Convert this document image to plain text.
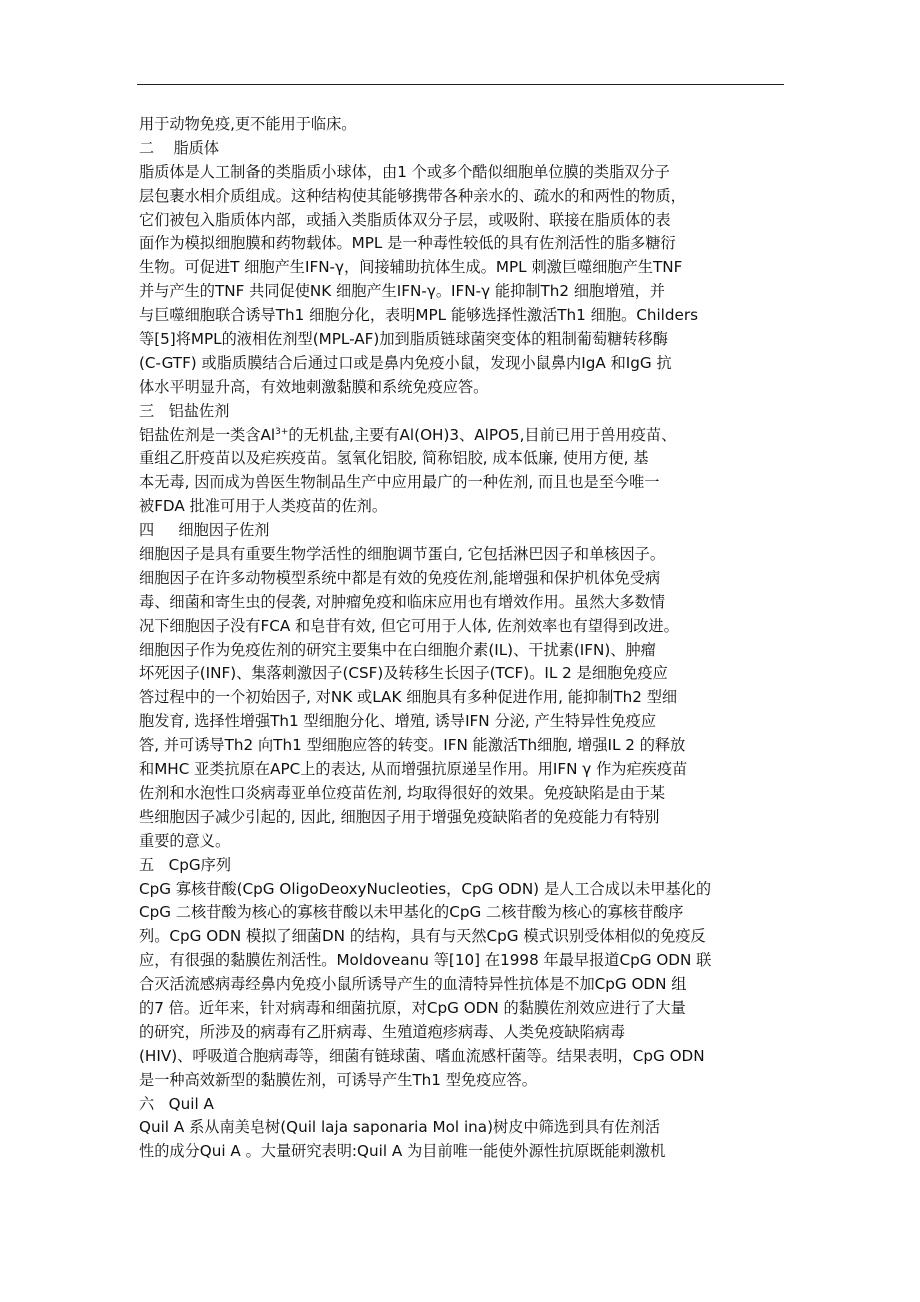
用于动物免疫,更不能用于临床。
二    脂质体
脂质体是人工制备的类脂质小球体，由1 个或多个酷似细胞单位膜的类脂双分子
层包裹水相介质组成。这种结构使其能够携带各种亲水的、疏水的和两性的物质，
它们被包入脂质体内部，或插入类脂质体双分子层，或吸附、联接在脂质体的表
面作为模拟细胞膜和药物载体。MPL 是一种毒性较低的具有佐剂活性的脂多糖衍
生物。可促进T 细胞产生IFN-γ，间接辅助抗体生成。MPL 刺激巨噬细胞产生TNF
并与产生的TNF 共同促使NK 细胞产生IFN-γ。IFN-γ 能抑制Th2 细胞增殖，并
与巨噬细胞联合诱导Th1 细胞分化，表明MPL 能够选择性激活Th1 细胞。Childers
等[5]将MPL的液相佐剂型(MPL-AF)加到脂质链球菌突变体的粗制葡萄糖转移酶
(C-GTF) 或脂质膜结合后通过口或是鼻内免疫小鼠，发现小鼠鼻内IgA 和IgG 抗
体水平明显升高，有效地刺激黏膜和系统免疫应答。
三   铝盐佐剂
铝盐佐剂是一类含$Al^{3+}$的无机盐,主要有Al(OH)3、AlPO5,目前已用于兽用疫苗、
重组乙肝疫苗以及疟疾疫苗。氢氧化铝胶, 简称铝胶, 成本低廉, 使用方便, 基
本无毒, 因而成为兽医生物制品生产中应用最广的一种佐剂, 而且也是至今唯一
被FDA 批准可用于人类疫苗的佐剂。
四     细胞因子佐剂
细胞因子是具有重要生物学活性的细胞调节蛋白, 它包括淋巴因子和单核因子。
细胞因子在许多动物模型系统中都是有效的免疫佐剂,能增强和保护机体免受病
毒、细菌和寄生虫的侵袭, 对肿瘤免疫和临床应用也有增效作用。虽然大多数情
况下细胞因子没有FCA 和皂苷有效, 但它可用于人体, 佐剂效率也有望得到改进。
细胞因子作为免疫佐剂的研究主要集中在白细胞介素(IL)、干扰素(IFN)、肿瘤
坏死因子(INF)、集落刺激因子(CSF)及转移生长因子(TCF)。IL 2 是细胞免疫应
答过程中的一个初始因子, 对NK 或LAK 细胞具有多种促进作用, 能抑制Th2 型细
胞发育, 选择性增强Th1 型细胞分化、增殖, 诱导IFN 分泌, 产生特异性免疫应
答, 并可诱导Th2 向Th1 型细胞应答的转变。IFN 能激活Th细胞, 增强IL 2 的释放
和MHC 亚类抗原在APC上的表达, 从而增强抗原递呈作用。用IFN γ 作为疟疾疫苗
佐剂和水泡性口炎病毒亚单位疫苗佐剂, 均取得很好的效果。免疫缺陷是由于某
些细胞因子减少引起的, 因此, 细胞因子用于增强免疫缺陷者的免疫能力有特别
重要的意义。
五   CpG序列
CpG 寡核苷酸(CpG OligoDeoxyNucleoties，CpG ODN) 是人工合成以未甲基化的
CpG 二核苷酸为核心的寡核苷酸以未甲基化的CpG 二核苷酸为核心的寡核苷酸序
列。CpG ODN 模拟了细菌DN 的结构，具有与天然CpG 模式识别受体相似的免疫反
应，有很强的黏膜佐剂活性。Moldoveanu 等[10] 在1998 年最早报道CpG ODN 联
合灭活流感病毒经鼻内免疫小鼠所诱导产生的血清特异性抗体是不加CpG ODN 组
的7 倍。近年来，针对病毒和细菌抗原，对CpG ODN 的黏膜佐剂效应进行了大量
的研究，所涉及的病毒有乙肝病毒、生殖道疱疹病毒、人类免疫缺陷病毒
(HIV)、呼吸道合胞病毒等，细菌有链球菌、嗜血流感杆菌等。结果表明，CpG ODN
是一种高效新型的黏膜佐剂，可诱导产生Th1 型免疫应答。
六   Quil A
Quil A 系从南美皂树(Quil laja saponaria Mol ina)树皮中筛选到具有佐剂活
性的成分Qui A 。大量研究表明:Quil A 为目前唯一能使外源性抗原既能刺激机
